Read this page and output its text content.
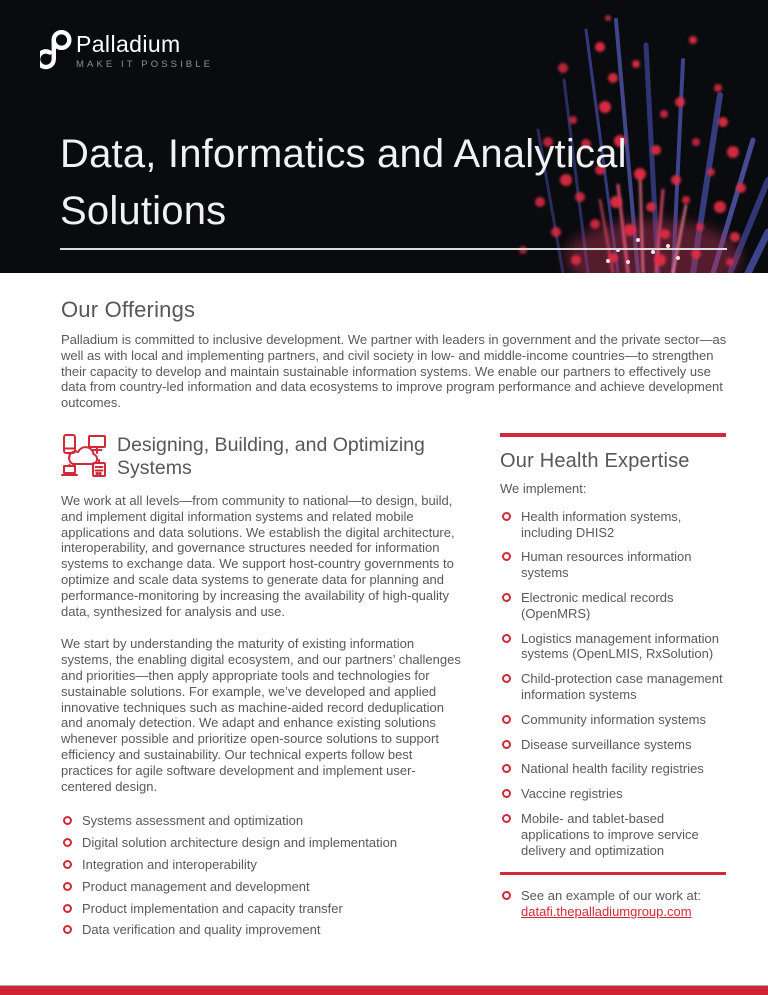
Palladium
MAKE IT POSSIBLE
Data, Informatics and Analytical
Solutions
Our Offerings

Palladium is committed to inclusive development. We partner with leaders in government and the private sector—as well as with local and implementing partners, and civil society in low- and middle-income countries—to strengthen their capacity to develop and maintain sustainable information systems. We enable our partners to effectively use data from country-led information and data ecosystems to improve program performance and achieve development outcomes.

Designing, Building, and Optimizing Systems

We work at all levels—from community to national—to design, build, and implement digital information systems and related mobile applications and data solutions. We establish the digital architecture, interoperability, and governance structures needed for information systems to exchange data. We support host-country governments to optimize and scale data systems to generate data for planning and performance-monitoring by increasing the availability of high-quality data, synthesized for analysis and use.

We start by understanding the maturity of existing information systems, the enabling digital ecosystem, and our partners’ challenges and priorities—then apply appropriate tools and technologies for sustainable solutions. For example, we’ve developed and applied innovative techniques such as machine-aided record deduplication and anomaly detection. We adapt and enhance existing solutions whenever possible and prioritize open-source solutions to support efficiency and sustainability. Our technical experts follow best practices for agile software development and implement user-centered design.

Systems assessment and optimization
Digital solution architecture design and implementation
Integration and interoperability
Product management and development
Product implementation and capacity transfer
Data verification and quality improvement
Our Health Expertise

We implement:

Health information systems, including DHIS2
Human resources information systems
Electronic medical records (OpenMRS)
Logistics management information systems (OpenLMIS, RxSolution)
Child-protection case management information systems
Community information systems
Disease surveillance systems
National health facility registries
Vaccine registries
Mobile- and tablet-based applications to improve service delivery and optimization
See an example of our work at:
datafi.thepalladiumgroup.com
